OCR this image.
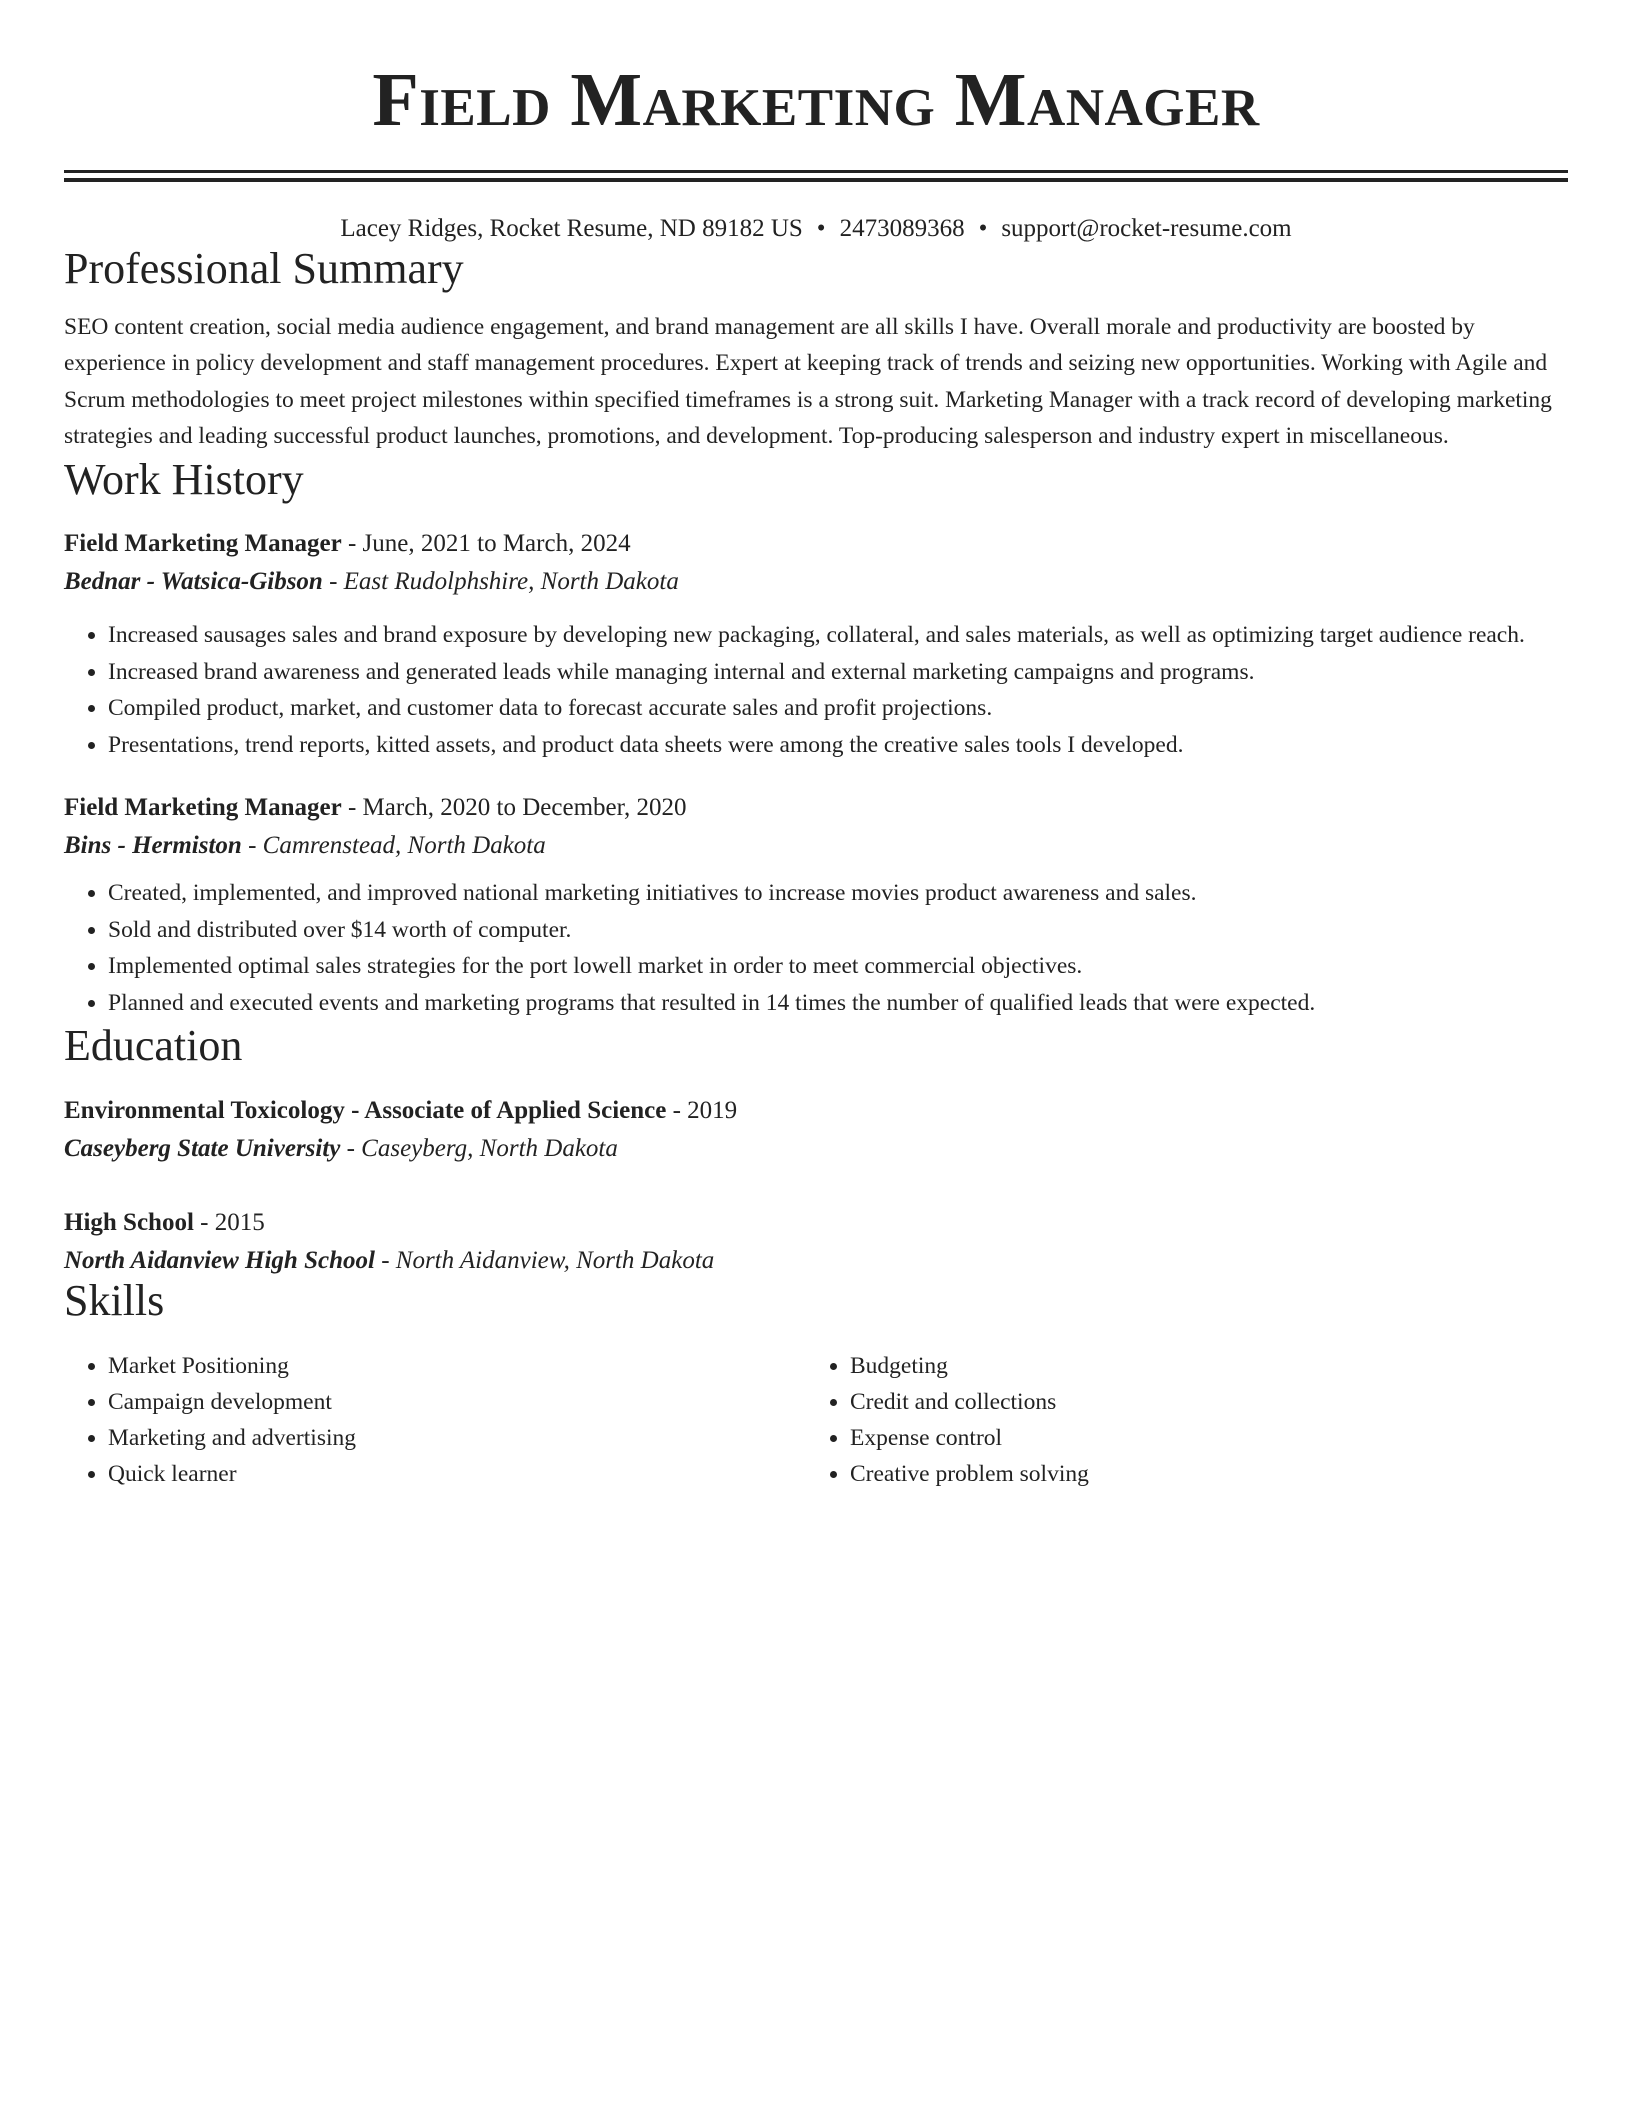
Field Marketing Manager
Lacey Ridges, Rocket Resume, ND 89182 US • 2473089368 • support@rocket-resume.com
Professional Summary

SEO content creation, social media audience engagement, and brand management are all skills I have. Overall morale and productivity are boosted by experience in policy development and staff management procedures. Expert at keeping track of trends and seizing new opportunities. Working with Agile and Scrum methodologies to meet project milestones within specified timeframes is a strong suit. Marketing Manager with a track record of developing marketing strategies and leading successful product launches, promotions, and development. Top-producing salesperson and industry expert in miscellaneous.

Work History
Field Marketing Manager - June, 2021 to March, 2024
Bednar - Watsica-Gibson - East Rudolphshire, North Dakota
• Increased sausages sales and brand exposure by developing new packaging, collateral, and sales materials, as well as optimizing target audience reach.
• Increased brand awareness and generated leads while managing internal and external marketing campaigns and programs.
• Compiled product, market, and customer data to forecast accurate sales and profit projections.
• Presentations, trend reports, kitted assets, and product data sheets were among the creative sales tools I developed.
Field Marketing Manager - March, 2020 to December, 2020
Bins - Hermiston - Camrenstead, North Dakota
• Created, implemented, and improved national marketing initiatives to increase movies product awareness and sales.
• Sold and distributed over $14 worth of computer.
• Implemented optimal sales strategies for the port lowell market in order to meet commercial objectives.
• Planned and executed events and marketing programs that resulted in 14 times the number of qualified leads that were expected.
Education
Environmental Toxicology - Associate of Applied Science - 2019
Caseyberg State University - Caseyberg, North Dakota
High School - 2015
North Aidanview High School - North Aidanview, North Dakota
Skills
• Market Positioning
• Campaign development
• Marketing and advertising
• Quick learner
• Budgeting
• Credit and collections
• Expense control
• Creative problem solving
